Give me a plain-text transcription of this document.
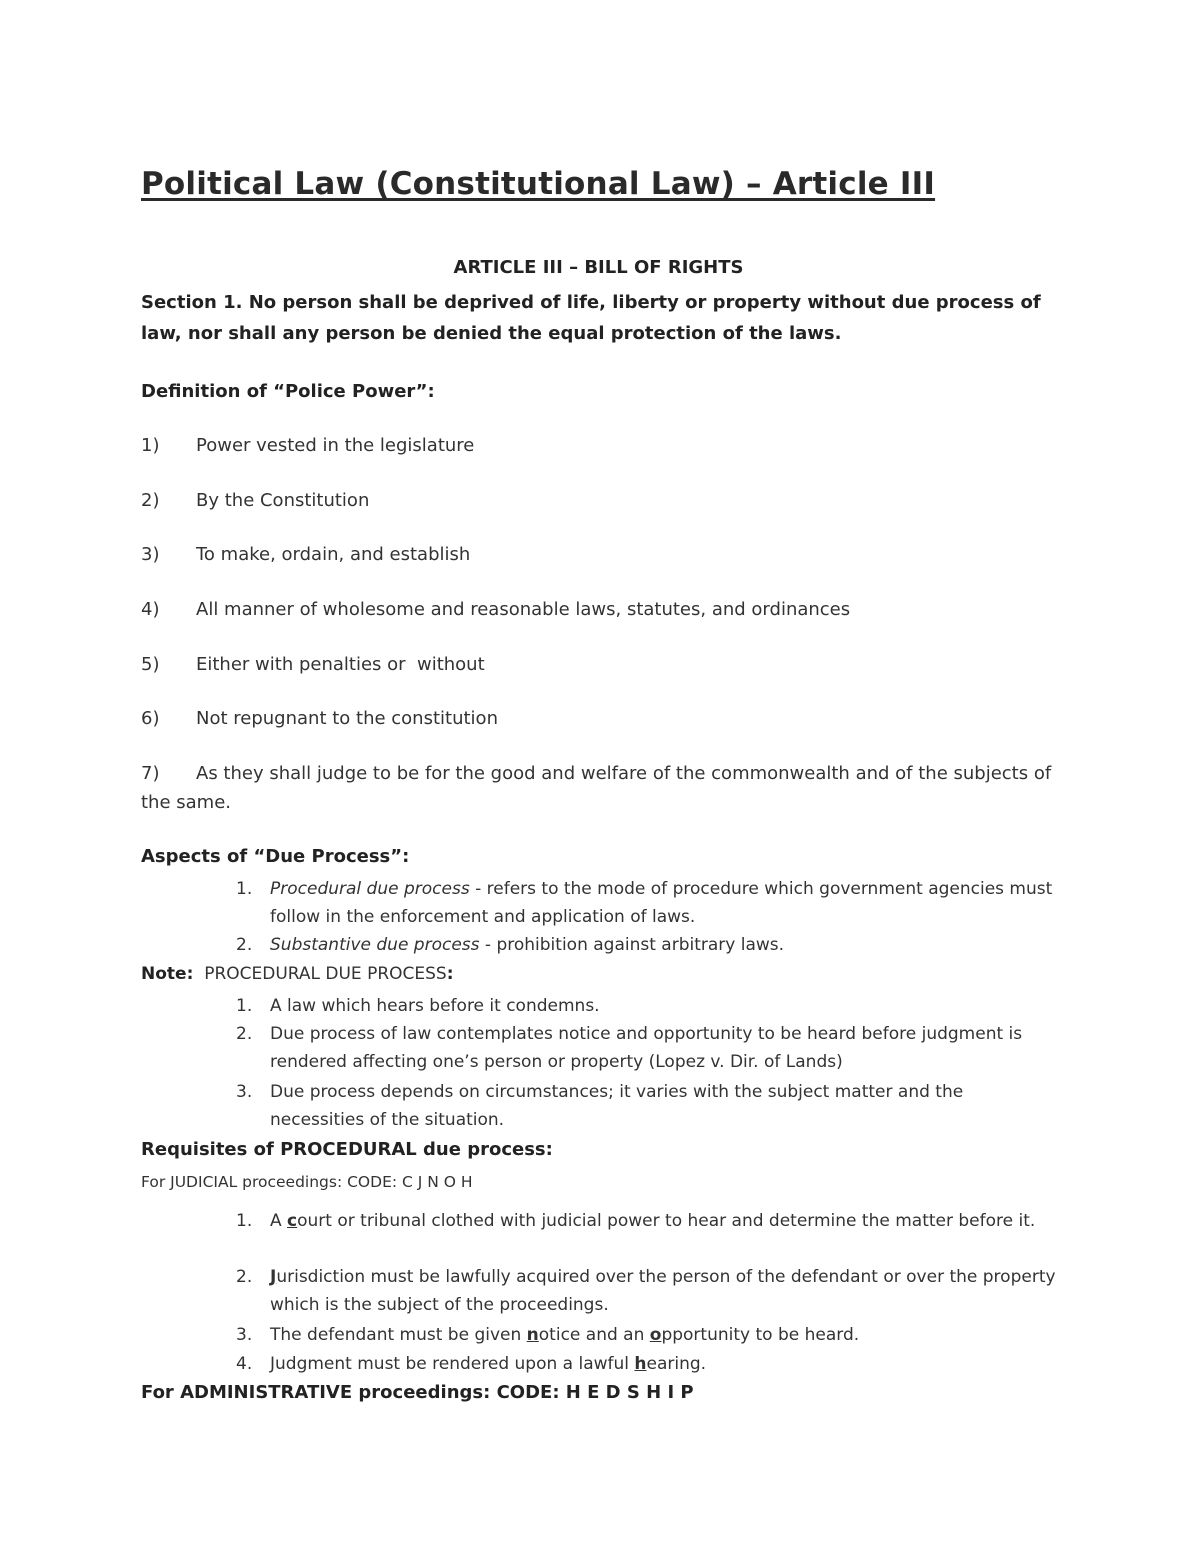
Political Law (Constitutional Law) – Article III
ARTICLE III – BILL OF RIGHTS
Section 1. No person shall be deprived of life, liberty or property without due process of law, nor shall any person be denied the equal protection of the laws.
Definition of “Police Power”:
1) Power vested in the legislature
2) By the Constitution
3) To make, ordain, and establish
4) All manner of wholesome and reasonable laws, statutes, and ordinances
5) Either with penalties or  without
6) Not repugnant to the constitution
7) As they shall judge to be for the good and welfare of the commonwealth and of the subjects of the same.
Aspects of “Due Process”:
1. Procedural due process - refers to the mode of procedure which government agencies must follow in the enforcement and application of laws.
2. Substantive due process - prohibition against arbitrary laws.
Note: PROCEDURAL DUE PROCESS:
1. A law which hears before it condemns.
2. Due process of law contemplates notice and opportunity to be heard before judgment is rendered affecting one’s person or property (Lopez v. Dir. of Lands)
3. Due process depends on circumstances; it varies with the subject matter and the necessities of the situation.
Requisites of PROCEDURAL due process:
For JUDICIAL proceedings: CODE: C J N O H
1. A court or tribunal clothed with judicial power to hear and determine the matter before it.
2. Jurisdiction must be lawfully acquired over the person of the defendant or over the property which is the subject of the proceedings.
3. The defendant must be given notice and an opportunity to be heard.
4. Judgment must be rendered upon a lawful hearing.
For ADMINISTRATIVE proceedings: CODE: H E D S H I P
